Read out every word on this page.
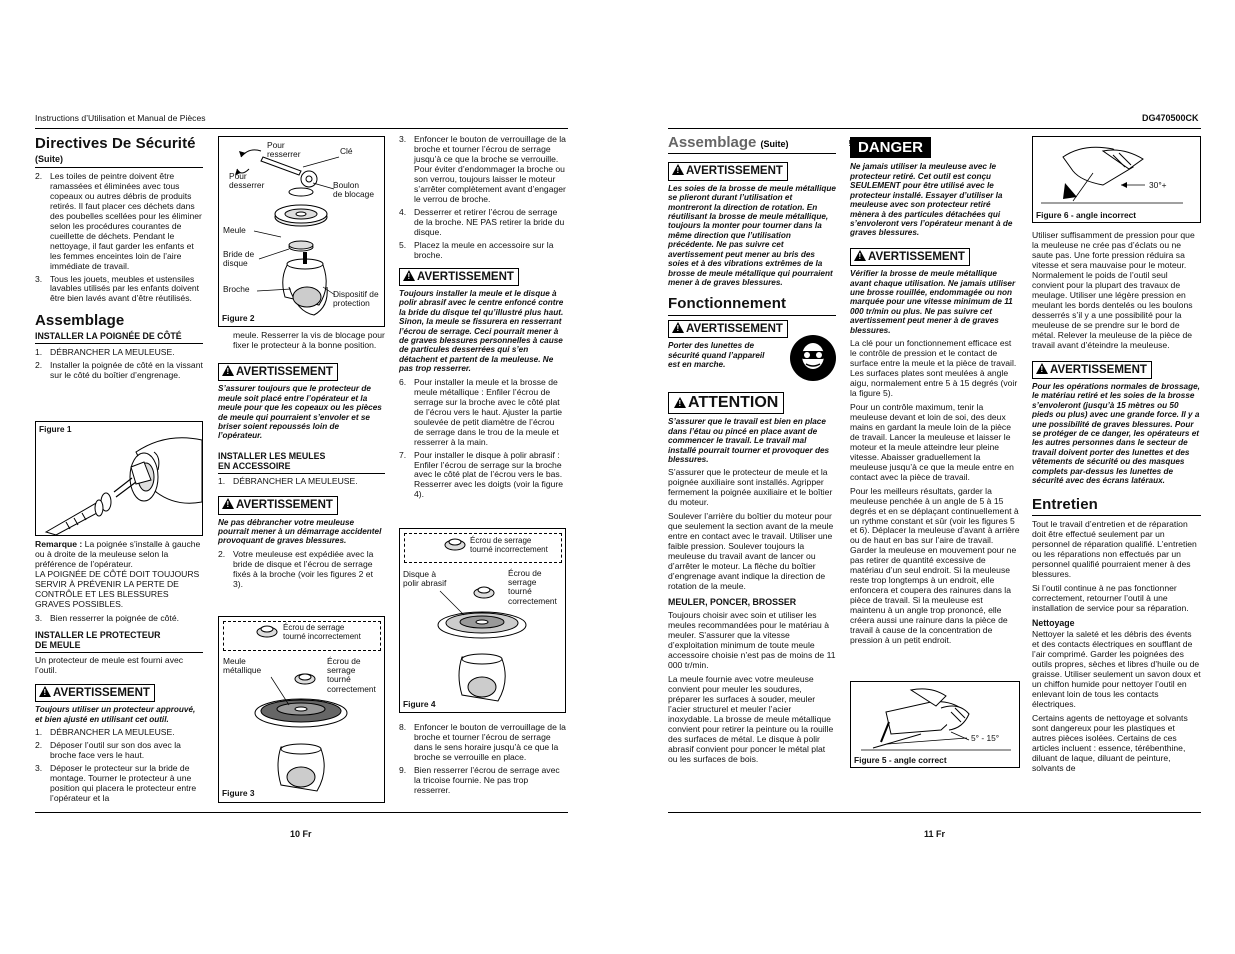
Instructions d’Utilisation et Manual de Pièces	DG470500CK
10 Fr	11 Fr
Directives De Sécurité
(Suite)
2. Les toiles de peintre doivent être ramassées et éliminées avec tous copeaux ou autres débris de produits retirés. Il faut placer ces déchets dans des poubelles scellées pour les éliminer selon les procédures courantes de cueillette de déchets. Pendant le nettoyage, il faut garder les enfants et les femmes enceintes loin de l’aire immédiate de travail.
3. Tous les jouets, meubles et ustensiles lavables utilisés par les enfants doivent être bien lavés avant d’être réutilisés.
Assemblage
INSTALLER LA POIGNÉE DE CÔTÉ
1. DÉBRANCHER LA MEULEUSE.
2. Installer la poignée de côté en la vissant sur le côté du boîtier d’engrenage.
Figure 1

Remarque : La poignée s’installe à gauche ou à droite de la meuleuse selon la préférence de l’opérateur.
LA POIGNÉE DE CÔTÉ DOIT TOUJOURS SERVIR À PRÉVENIR LA PERTE DE CONTRÔLE ET LES BLESSURES GRAVES POSSIBLES.

3. Bien resserrer la poignée de côté.
INSTALLER LE PROTECTEUR
DE MEULE

Un protecteur de meule est fourni avec l’outil.

!AVERTISSEMENT
Toujours utiliser un protecteur approuvé, et bien ajusté en utilisant cet outil.
1. DÉBRANCHER LA MEULEUSE.
2. Déposer l’outil sur son dos avec la broche face vers le haut.
3. Déposer le protecteur sur la bride de montage. Tourner le protecteur à une position qui placera le protecteur entre l’opérateur et la
Pour
resserrer	Clé
Pour
desserrer	Boulon
de blocage
Meule
Bride de
disque
Broche	Dispositif de
protection
Figure 2

meule. Resserrer la vis de blocage pour fixer le protecteur à la bonne position.

!AVERTISSEMENT
S’assurer toujours que le protecteur de meule soit placé entre l’opérateur et la meule pour que les copeaux ou les pièces de meule qui pourraient s’envoler et se briser soient repoussés loin de l’opérateur.
INSTALLER LES MEULES
EN ACCESSOIRE
1. DÉBRANCHER LA MEULEUSE.
!AVERTISSEMENT
Ne pas débrancher votre meuleuse pourrait mener à un démarrage accidentel provoquant de graves blessures.
2. Votre meuleuse est expédiée avec la bride de disque et l’écrou de serrage fixés à la broche (voir les figures 2 et 3).
Écrou de serrage
tourné incorrectement
Meule
métallique
Écrou de
serrage
tourné
correctement
Figure 3
3. Enfoncer le bouton de verrouillage de la broche et tourner l’écrou de serrage jusqu’à ce que la broche se verrouille. Pour éviter d’endommager la broche ou son verrou, toujours laisser le moteur s’arrêter complètement avant d’engager le verrou de broche.
4. Desserrer et retirer l’écrou de serrage de la broche. NE PAS retirer la bride du disque.
5. Placez la meule en accessoire sur la broche.
!AVERTISSEMENT
Toujours installer la meule et le disque à polir abrasif avec le centre enfoncé contre la bride du disque tel qu’illustré plus haut. Sinon, la meule se fissurera en resserrant l’écrou de serrage. Ceci pourrait mener à de graves blessures personnelles à cause de particules desserrées qui s’en détachent et partent de la meuleuse. Ne pas trop resserrer.
6. Pour installer la meule et la brosse de meule métallique : Enfiler l’écrou de serrage sur la broche avec le côté plat de l’écrou vers le haut. Ajuster la partie soulevée de petit diamètre de l’écrou de serrage dans le trou de la meule et resserrer à la main.
7. Pour installer le disque à polir abrasif : Enfiler l’écrou de serrage sur la broche avec le côté plat de l’écrou vers le bas. Resserrer avec les doigts (voir la figure 4).
Écrou de serrage
tourné incorrectement
Disque à
polir abrasif
Écrou de
serrage
tourné
correctement
Figure 4
8. Enfoncer le bouton de verrouillage de la broche et tourner l’écrou de serrage dans le sens horaire jusqu’à ce que la broche se verrouille en place.
9. Bien resserrer l’écrou de serrage avec la tricoise fournie. Ne pas trop resserrer.
Assemblage (Suite)
!AVERTISSEMENT
Les soies de la brosse de meule métallique se plieront durant l’utilisation et montreront la direction de rotation. En réutilisant la brosse de meule métallique, toujours la monter pour tourner dans la même direction que l’utilisation précédente. Ne pas suivre cet avertissement peut mener au bris des soies et à des vibrations extrêmes de la brosse de meule métallique qui pourraient mener à de graves blessures.
Fonctionnement
!AVERTISSEMENT
Porter des lunettes de sécurité quand l’appareil est en marche.
!ATTENTION
S’assurer que le travail est bien en place dans l’étau ou pincé en place avant de commencer le travail. Le travail mal installé pourrait tourner et provoquer des blessures.

S’assurer que le protecteur de meule et la poignée auxiliaire sont installés. Agripper fermement la poignée auxiliaire et le boîtier du moteur.

Soulever l’arrière du boîtier du moteur pour que seulement la section avant de la meule entre en contact avec le travail. Utiliser une faible pression. Soulever toujours la meuleuse du travail avant de lancer ou d’arrêter le moteur. La flèche du boîtier d’engrenage avant indique la direction de rotation de la meule.

MEULER, PONCER, BROSSER

Toujours choisir avec soin et utiliser les meules recommandées pour le matériau à meuler. S’assurer que la vitesse d’exploitation minimum de toute meule accessoire choisie n’est pas de moins de 11 000 tr/min.

La meule fournie avec votre meuleuse convient pour meuler les soudures, préparer les surfaces à souder, meuler l’acier structurel et meuler l’acier inoxydable. La brosse de meule métallique convient pour retirer la peinture ou la rouille des surfaces de métal. Le disque à polir abrasif convient pour poncer le métal plat ou les surfaces de bois.

DANGER
Ne jamais utiliser la meuleuse avec le protecteur retiré. Cet outil est conçu SEULEMENT pour être utilisé avec le protecteur installé. Essayer d’utiliser la meuleuse avec son protecteur retiré mènera à des particules détachées qui s’envoleront vers l’opérateur menant à de graves blessures.
!AVERTISSEMENT
Vérifier la brosse de meule métallique avant chaque utilisation. Ne jamais utiliser une brosse rouillée, endommagée ou non marquée pour une vitesse minimum de 11 000 tr/min ou plus. Ne pas suivre cet avertissement peut mener à de graves blessures.

La clé pour un fonctionnement efficace est le contrôle de pression et le contact de surface entre la meule et la pièce de travail. Les surfaces plates sont meulées à angle aigu, normalement entre 5 à 15 degrés (voir la figure 5).

Pour un contrôle maximum, tenir la meuleuse devant et loin de soi, des deux mains en gardant la meule loin de la pièce de travail. Lancer la meuleuse et laisser le moteur et la meule atteindre leur pleine vitesse. Abaisser graduellement la meuleuse jusqu’à ce que la meule entre en contact avec la pièce de travail.

Pour les meilleurs résultats, garder la meuleuse penchée à un angle de 5 à 15 degrés et en se déplaçant continuellement à un rythme constant et sûr (voir les figures 5 et 6). Déplacer la meuleuse d’avant à arrière ou de haut en bas sur l’aire de travail. Garder la meuleuse en mouvement pour ne pas retirer de quantité excessive de matériau d’un seul endroit. Si la meuleuse reste trop longtemps à un endroit, elle enfoncera et coupera des rainures dans la pièce de travail. Si la meuleuse est maintenu à un angle trop prononcé, elle créera aussi une rainure dans la pièce de travail à cause de la concentration de pression à un petit endroit.

5° - 15°
Figure 5 - angle correct
30°+
Figure 6 - angle incorrect

Utiliser suffisamment de pression pour que la meuleuse ne crée pas d’éclats ou ne saute pas. Une forte pression réduira sa vitesse et sera mauvaise pour le moteur. Normalement le poids de l’outil seul convient pour la plupart des travaux de meulage. Utiliser une légère pression en meulant les bords dentelés ou les boulons desserrés s’il y a une possibilité pour la meuleuse de se prendre sur le bord de métal. Relever la meuleuse de la pièce de travail avant d’éteindre la meuleuse.

!AVERTISSEMENT
Pour les opérations normales de brossage, le matériau retiré et les soies de la brosse s’envoleront (jusqu’à 15 mètres ou 50 pieds ou plus) avec une grande force. Il y a une possibilité de graves blessures. Pour se protéger de ce danger, les opérateurs et les autres personnes dans le secteur de travail doivent porter des lunettes et des vêtements de sécurité ou des masques complets par-dessus les lunettes de sécurité avec des écrans latéraux.
Entretien

Tout le travail d’entretien et de réparation doit être effectué seulement par un personnel de réparation qualifié. L’entretien ou les réparations non effectués par un personnel qualifié pourraient mener à des blessures.

Si l’outil continue à ne pas fonctionner correctement, retourner l’outil à une installation de service pour sa réparation.

Nettoyage

Nettoyer la saleté et les débris des évents et des contacts électriques en soufflant de l’air comprimé. Garder les poignées des outils propres, sèches et libres d’huile ou de graisse. Utiliser seulement un savon doux et un chiffon humide pour nettoyer l’outil en enlevant loin de tous les contacts électriques.

Certains agents de nettoyage et solvants sont dangereux pour les plastiques et autres pièces isolées. Certains de ces articles incluent : essence, térébenthine, diluant de laque, diluant de peinture, solvants de
